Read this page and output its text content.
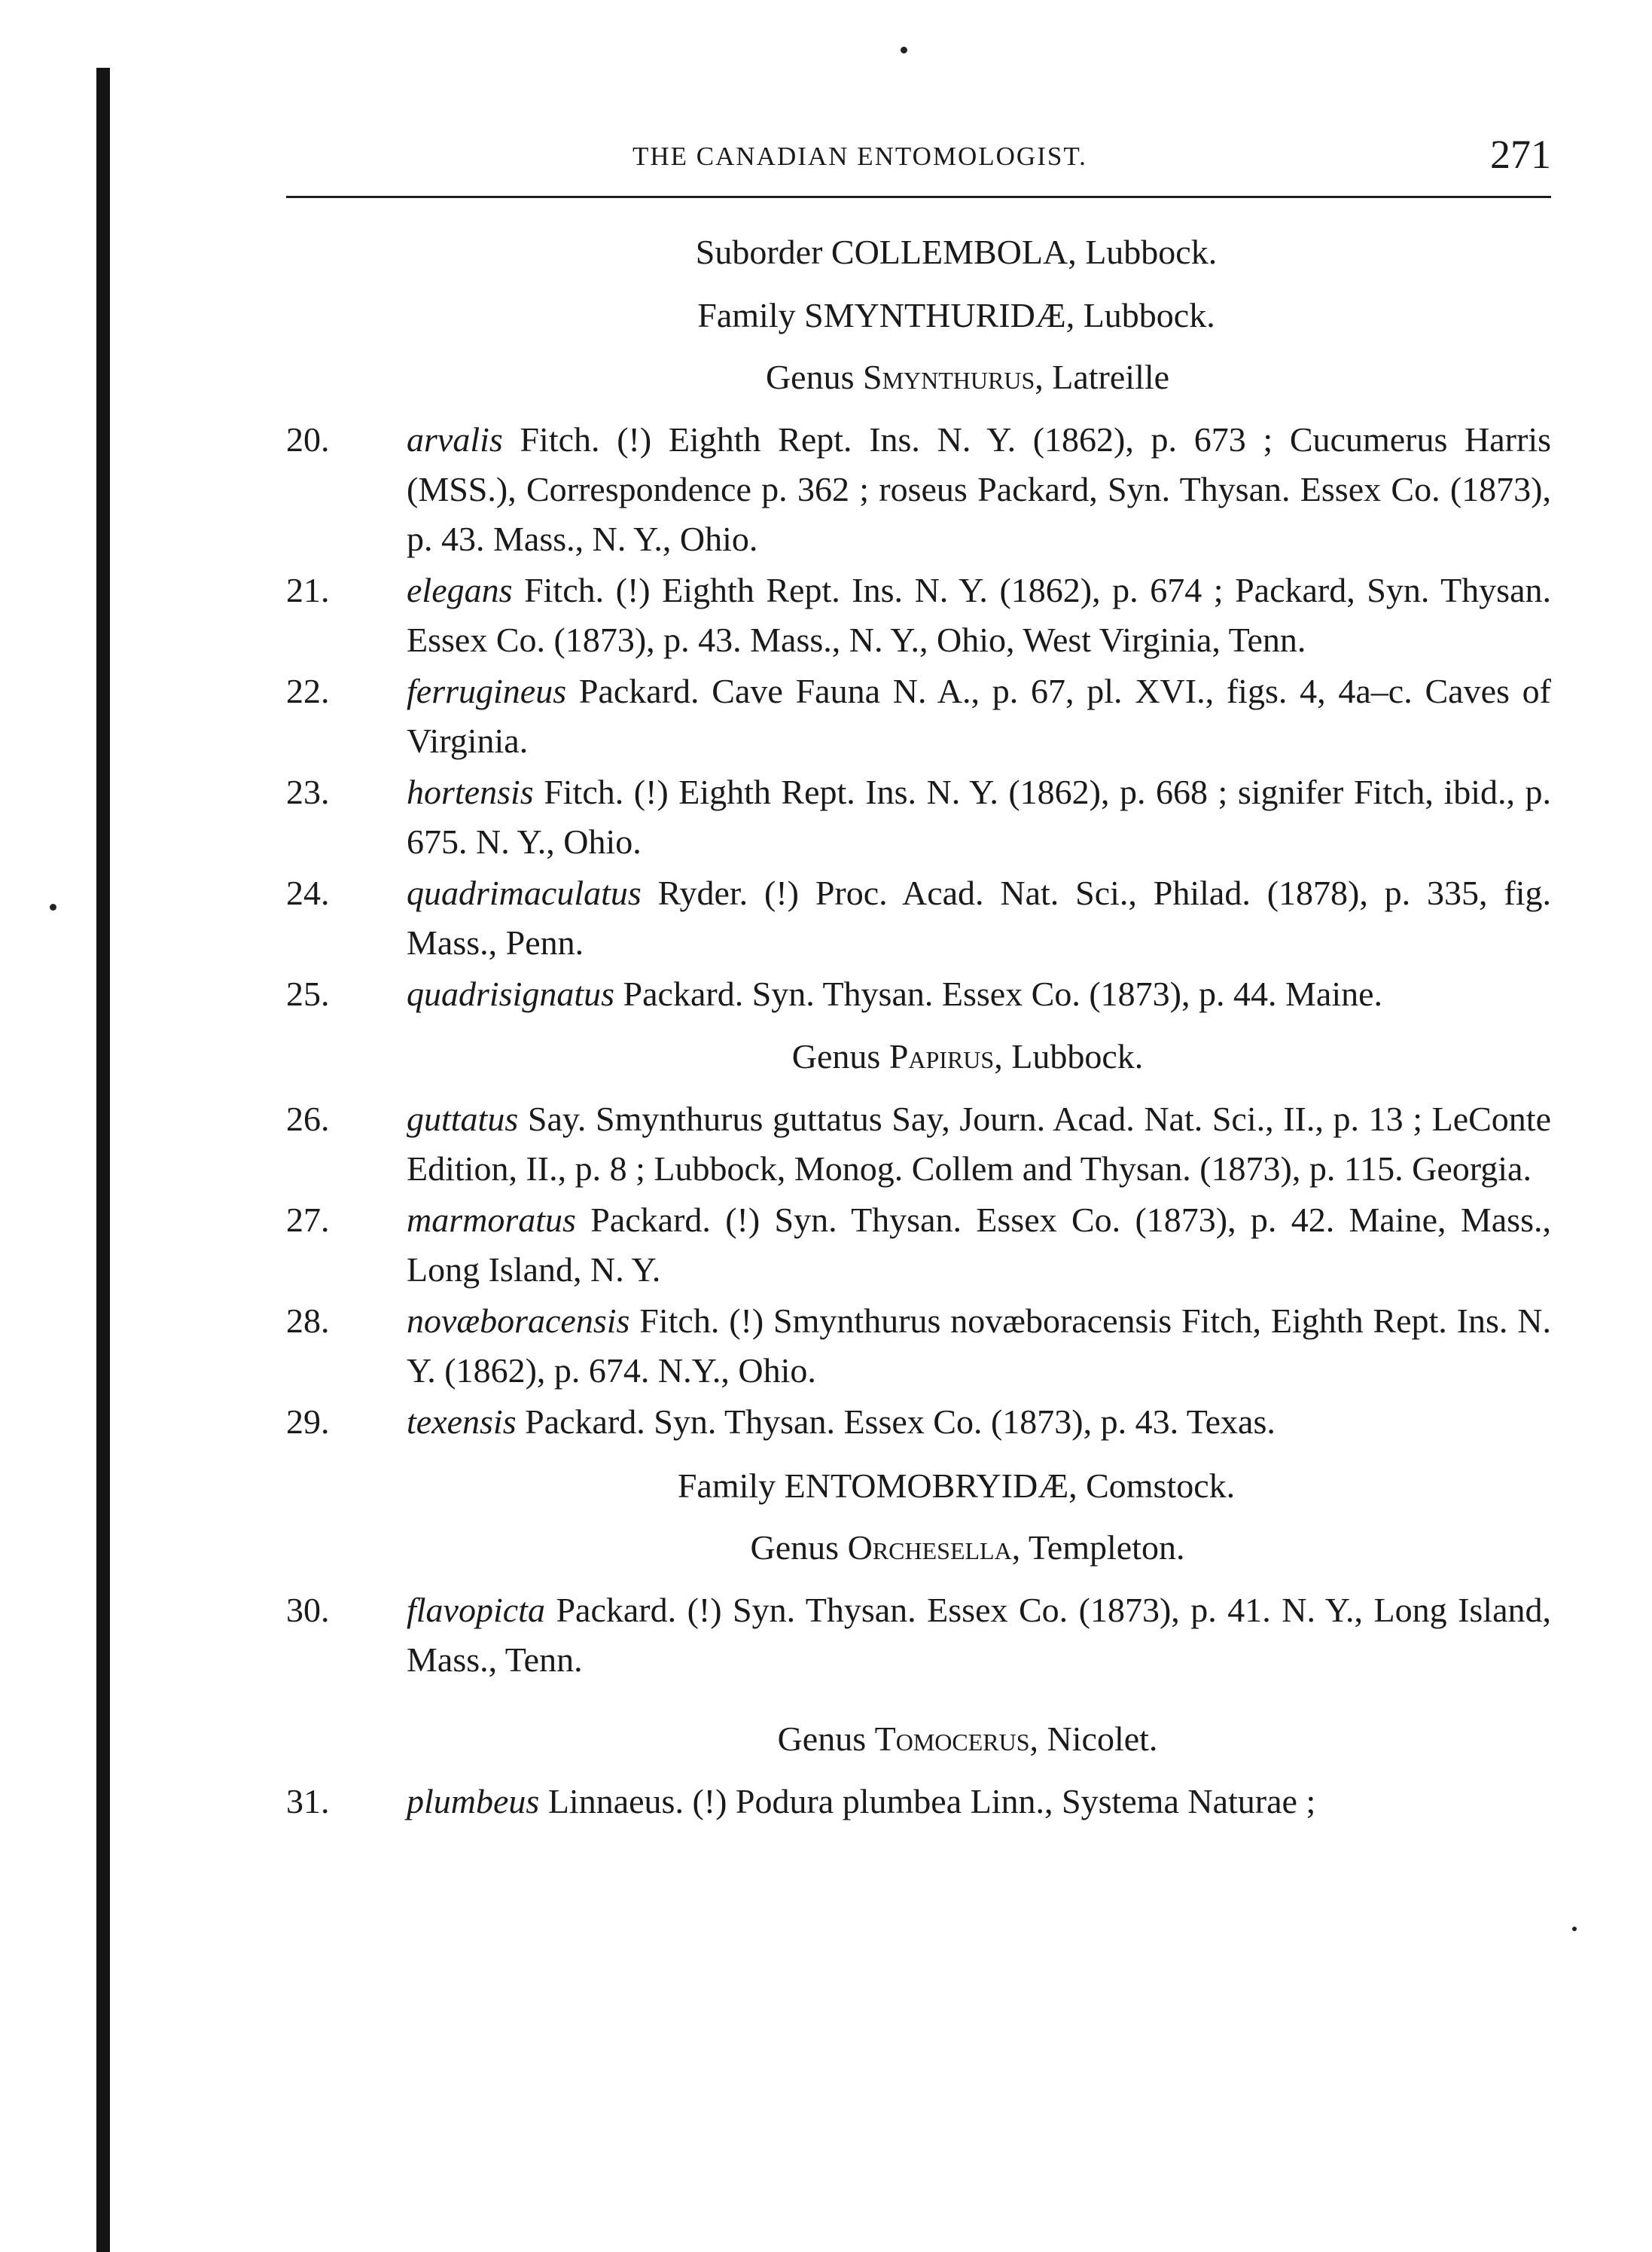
THE CANADIAN ENTOMOLOGIST.	271
Suborder COLLEMBOLA, Lubbock.
Family SMYNTHURIDÆ, Lubbock.
Genus Smynthurus, Latreille
20. arvalis Fitch. (!) Eighth Rept. Ins. N. Y. (1862), p. 673 ; Cucumerus Harris (MSS.), Correspondence p. 362 ; roseus Packard, Syn. Thysan. Essex Co. (1873), p. 43. Mass., N. Y., Ohio.
21. elegans Fitch. (!) Eighth Rept. Ins. N. Y. (1862), p. 674 ; Packard, Syn. Thysan. Essex Co. (1873), p. 43. Mass., N. Y., Ohio, West Virginia, Tenn.
22. ferrugineus Packard. Cave Fauna N. A., p. 67, pl. XVI., figs. 4, 4a–c. Caves of Virginia.
23. hortensis Fitch. (!) Eighth Rept. Ins. N. Y. (1862), p. 668 ; signifer Fitch, ibid., p. 675. N. Y., Ohio.
24. quadrimaculatus Ryder. (!) Proc. Acad. Nat. Sci., Philad. (1878), p. 335, fig. Mass., Penn.
25. quadrisignatus Packard. Syn. Thysan. Essex Co. (1873), p. 44. Maine.
Genus Papirus, Lubbock.
26. guttatus Say. Smynthurus guttatus Say, Journ. Acad. Nat. Sci., II., p. 13 ; LeConte Edition, II., p. 8 ; Lubbock, Monog. Collem and Thysan. (1873), p. 115. Georgia.
27. marmoratus Packard. (!) Syn. Thysan. Essex Co. (1873), p. 42. Maine, Mass., Long Island, N. Y.
28. novæboracensis Fitch. (!) Smynthurus novæboracensis Fitch, Eighth Rept. Ins. N. Y. (1862), p. 674. N.Y., Ohio.
29. texensis Packard. Syn. Thysan. Essex Co. (1873), p. 43. Texas.
Family ENTOMOBRYIDÆ, Comstock.
Genus Orchesella, Templeton.
30. flavopicta Packard. (!) Syn. Thysan. Essex Co. (1873), p. 41. N. Y., Long Island, Mass., Tenn.
Genus Tomocerus, Nicolet.
31. plumbeus Linnaeus. (!) Podura plumbea Linn., Systema Naturae ;
